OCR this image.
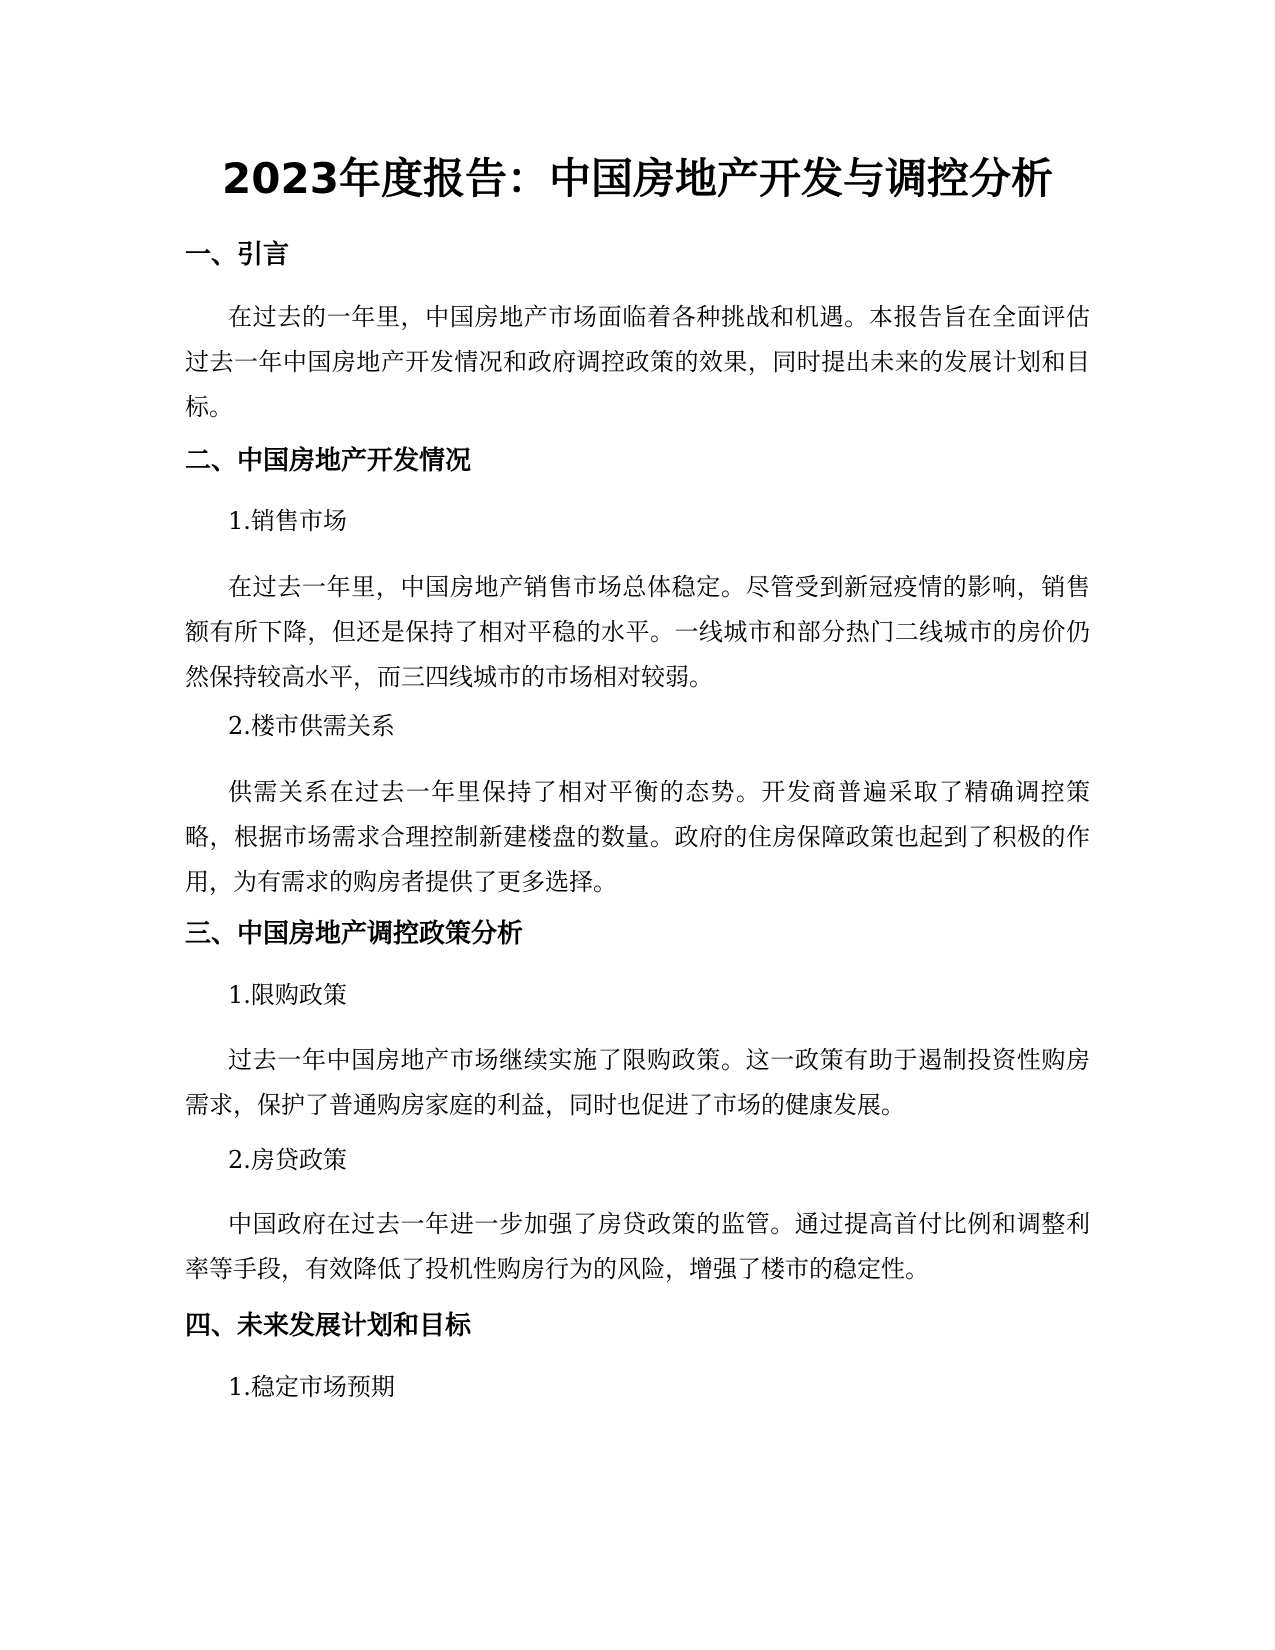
2023年度报告：中国房地产开发与调控分析
一、引言

在过去的一年里，中国房地产市场面临着各种挑战和机遇。本报告旨在全面评估过去一年中国房地产开发情况和政府调控政策的效果，同时提出未来的发展计划和目标。

二、中国房地产开发情况

1.销售市场

在过去一年里，中国房地产销售市场总体稳定。尽管受到新冠疫情的影响，销售额有所下降，但还是保持了相对平稳的水平。一线城市和部分热门二线城市的房价仍然保持较高水平，而三四线城市的市场相对较弱。

2.楼市供需关系

供需关系在过去一年里保持了相对平衡的态势。开发商普遍采取了精确调控策略，根据市场需求合理控制新建楼盘的数量。政府的住房保障政策也起到了积极的作用，为有需求的购房者提供了更多选择。

三、中国房地产调控政策分析

1.限购政策

过去一年中国房地产市场继续实施了限购政策。这一政策有助于遏制投资性购房需求，保护了普通购房家庭的利益，同时也促进了市场的健康发展。

2.房贷政策

中国政府在过去一年进一步加强了房贷政策的监管。通过提高首付比例和调整利率等手段，有效降低了投机性购房行为的风险，增强了楼市的稳定性。

四、未来发展计划和目标

1.稳定市场预期
